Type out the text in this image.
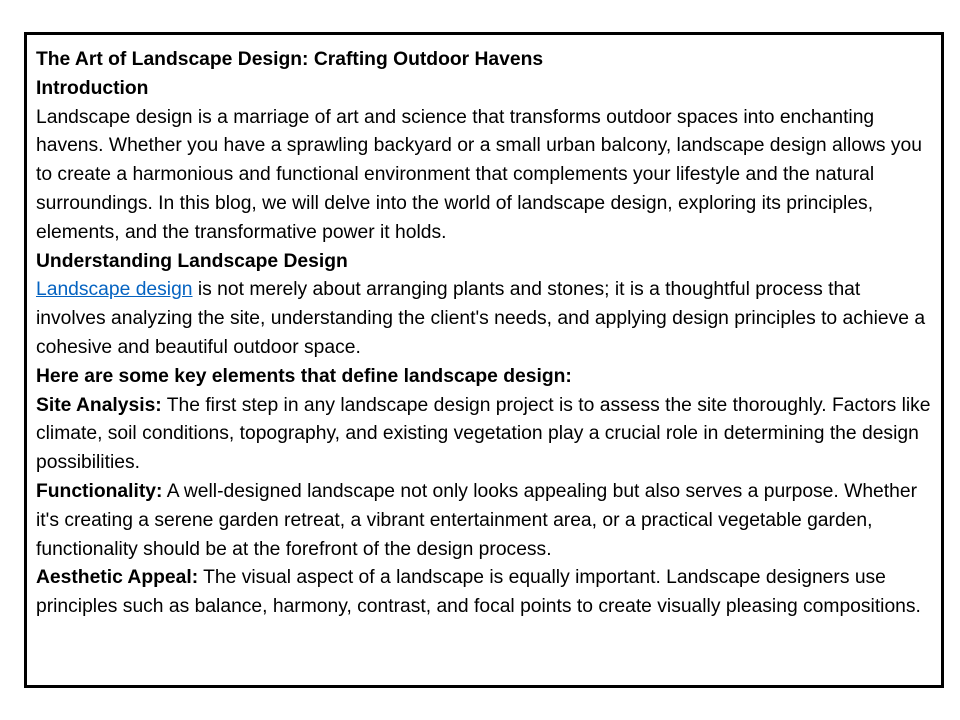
The Art of Landscape Design: Crafting Outdoor Havens

Introduction

Landscape design is a marriage of art and science that transforms outdoor spaces into enchanting havens. Whether you have a sprawling backyard or a small urban balcony, landscape design allows you to create a harmonious and functional environment that complements your lifestyle and the natural surroundings. In this blog, we will delve into the world of landscape design, exploring its principles, elements, and the transformative power it holds.

Understanding Landscape Design

Landscape design is not merely about arranging plants and stones; it is a thoughtful process that involves analyzing the site, understanding the client's needs, and applying design principles to achieve a cohesive and beautiful outdoor space.

Here are some key elements that define landscape design:

Site Analysis: The first step in any landscape design project is to assess the site thoroughly. Factors like climate, soil conditions, topography, and existing vegetation play a crucial role in determining the design possibilities.

Functionality: A well-designed landscape not only looks appealing but also serves a purpose. Whether it's creating a serene garden retreat, a vibrant entertainment area, or a practical vegetable garden, functionality should be at the forefront of the design process.

Aesthetic Appeal: The visual aspect of a landscape is equally important. Landscape designers use principles such as balance, harmony, contrast, and focal points to create visually pleasing compositions.
